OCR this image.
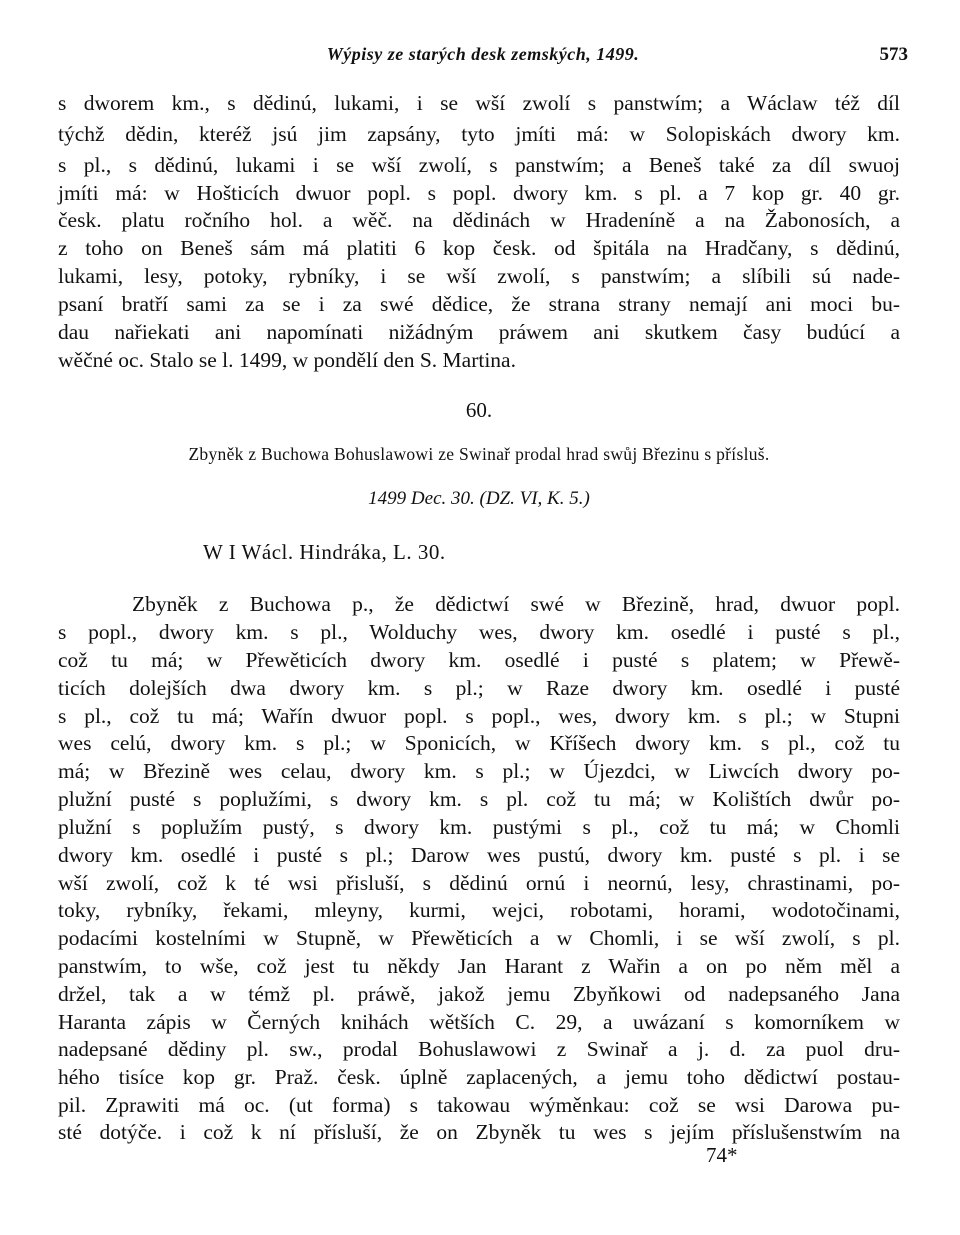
Wýpisy ze starých desk zemských, 1499.	573
s dworem km., s dědinú, lukami, i se wší zwolí s panstwím; a Wáclaw též díl
týchž dědin, kteréž jsú jim zapsány, tyto jmíti má: w Solopiskách dwory km.
s pl., s dědinú, lukami i se wší zwolí, s panstwím; a Beneš také za díl swuoj
jmíti má: w Hošticích dwuor popl. s popl. dwory km. s pl. a 7 kop gr. 40 gr.
česk. platu ročního hol. a wěč. na dědinách w Hradeníně a na Žabonosích, a
z toho on Beneš sám má platiti 6 kop česk. od špitála na Hradčany, s dědinú,
lukami, lesy, potoky, rybníky, i se wší zwolí, s panstwím; a slíbili sú nade-
psaní bratří sami za se i za swé dědice, že strana strany nemají ani moci bu-
dau nařiekati ani napomínati nižádným práwem ani skutkem časy budúcí a
wěčné oc. Stalo se l. 1499, w pondělí den S. Martina.
60.
Zbyněk z Buchowa Bohuslawowi ze Swinař prodal hrad swůj Březinu s přísluš.
1499 Dec. 30. (DZ. VI, K. 5.)
W I Wácl. Hindráka, L. 30.
Zbyněk z Buchowa p., že dědictwí swé w Březině, hrad, dwuor popl.
s popl., dwory km. s pl., Wolduchy wes, dwory km. osedlé i pusté s pl.,
což tu má; w Přewěticích dwory km. osedlé i pusté s platem; w Přewě-
ticích dolejších dwa dwory km. s pl.; w Raze dwory km. osedlé i pusté
s pl., což tu má; Wařín dwuor popl. s popl., wes, dwory km. s pl.; w Stupni
wes celú, dwory km. s pl.; w Sponicích, w Kříšech dwory km. s pl., což tu
má; w Březině wes celau, dwory km. s pl.; w Újezdci, w Liwcích dwory po-
plužní pusté s poplužími, s dwory km. s pl. což tu má; w Kolištích dwůr po-
plužní s poplužím pustý, s dwory km. pustými s pl., což tu má; w Chomli
dwory km. osedlé i pusté s pl.; Darow wes pustú, dwory km. pusté s pl. i se
wší zwolí, což k té wsi přisluší, s dědinú ornú i neornú, lesy, chrastinami, po-
toky, rybníky, řekami, mleyny, kurmi, wejci, robotami, horami, wodotočinami,
podacími kostelními w Stupně, w Přewěticích a w Chomli, i se wší zwolí, s pl.
panstwím, to wše, což jest tu někdy Jan Harant z Wařin a on po něm měl a
držel, tak a w témž pl. práwě, jakož jemu Zbyňkowi od nadepsaného Jana
Haranta zápis w Černých knihách wětších C. 29, a uwázaní s komorníkem w
nadepsané dědiny pl. sw., prodal Bohuslawowi z Swinař a j. d. za puol dru-
hého tisíce kop gr. Praž. česk. úplně zaplacených, a jemu toho dědictwí postau-
pil. Zprawiti má oc. (ut forma) s takowau wýměnkau: což se wsi Darowa pu-
sté dotýče. i což k ní přísluší, že on Zbyněk tu wes s jejím příslušenstwím na
74*
